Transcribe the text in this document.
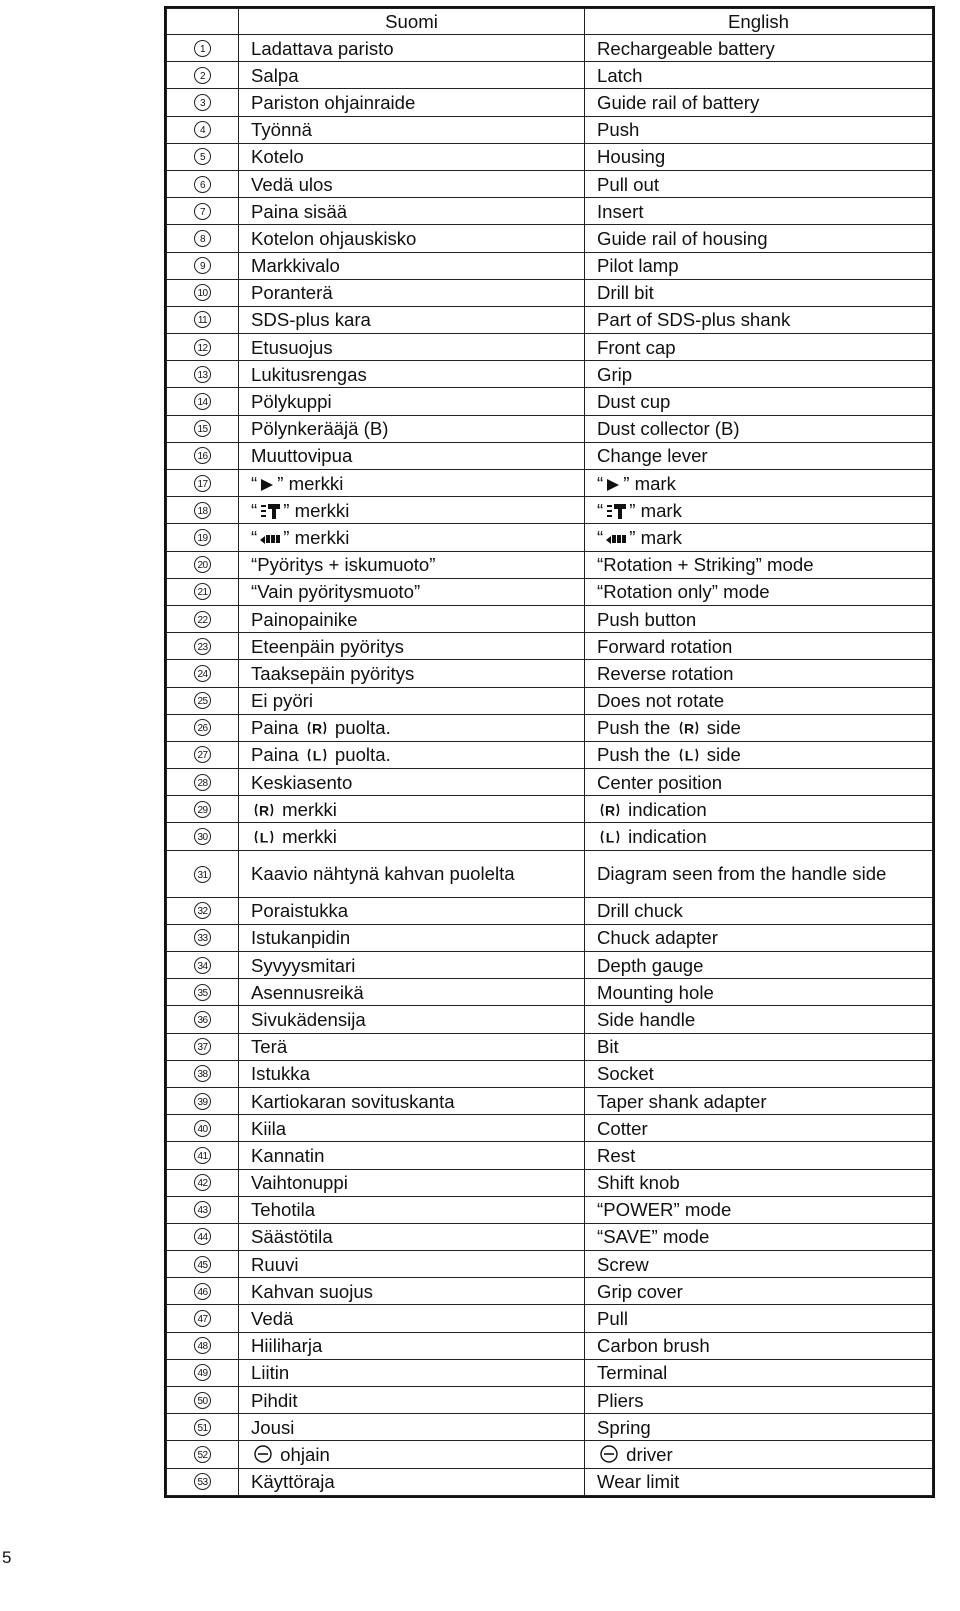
	Suomi	English
1	Ladattava paristo	Rechargeable battery
2	Salpa	Latch
3	Pariston ohjainraide	Guide rail of battery
4	Työnnä	Push
5	Kotelo	Housing
6	Vedä ulos	Pull out
7	Paina sisää	Insert
8	Kotelon ohjauskisko	Guide rail of housing
9	Markkivalo	Pilot lamp
10	Poranterä	Drill bit
11	SDS-plus kara	Part of SDS-plus shank
12	Etusuojus	Front cap
13	Lukitusrengas	Grip
14	Pölykuppi	Dust cup
15	Pölynkerääjä (B)	Dust collector (B)
16	Muuttovipua	Change lever
17	“ ” merkki	“ ” mark
18	“ ” merkki	“ ” mark
19	“ ” merkki	“ ” mark
20	“Pyöritys + iskumuoto”	“Rotation + Striking” mode
21	“Vain pyöritysmuoto”	“Rotation only” mode
22	Painopainike	Push button
23	Eteenpäin pyöritys	Forward rotation
24	Taaksepäin pyöritys	Reverse rotation
25	Ei pyöri	Does not rotate
26	Paina R puolta.	Push the R side
27	Paina L puolta.	Push the L side
28	Keskiasento	Center position
29	R merkki	R indication
30	L merkki	L indication
31	Kaavio nähtynä kahvan puolelta	Diagram seen from the handle side
32	Poraistukka	Drill chuck
33	Istukanpidin	Chuck adapter
34	Syvyysmitari	Depth gauge
35	Asennusreikä	Mounting hole
36	Sivukädensija	Side handle
37	Terä	Bit
38	Istukka	Socket
39	Kartiokaran sovituskanta	Taper shank adapter
40	Kiila	Cotter
41	Kannatin	Rest
42	Vaihtonuppi	Shift knob
43	Tehotila	“POWER” mode
44	Säästötila	“SAVE” mode
45	Ruuvi	Screw
46	Kahvan suojus	Grip cover
47	Vedä	Pull
48	Hiiliharja	Carbon brush
49	Liitin	Terminal
50	Pihdit	Pliers
51	Jousi	Spring
52	ohjain	driver
53	Käyttöraja	Wear limit
5
